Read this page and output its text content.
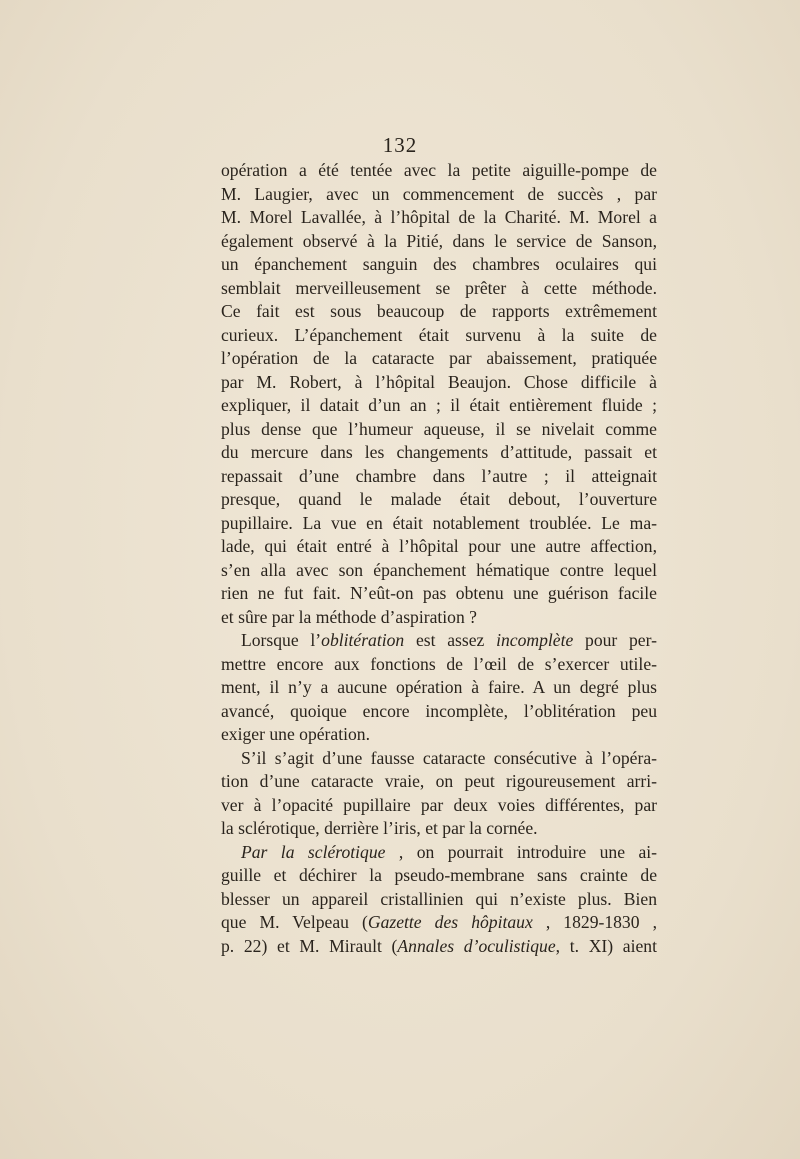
132
opération a été tentée avec la petite aiguille-pompe de
M. Laugier, avec un commencement de succès , par
M. Morel Lavallée, à l’hôpital de la Charité. M. Morel a
également observé à la Pitié, dans le service de Sanson,
un épanchement sanguin des chambres oculaires qui
semblait merveilleusement se prêter à cette méthode.
Ce fait est sous beaucoup de rapports extrêmement
curieux. L’épanchement était survenu à la suite de
l’opération de la cataracte par abaissement, pratiquée
par M. Robert, à l’hôpital Beaujon. Chose difficile à
expliquer, il datait d’un an ; il était entièrement fluide ;
plus dense que l’humeur aqueuse, il se nivelait comme
du mercure dans les changements d’attitude, passait et
repassait d’une chambre dans l’autre ; il atteignait
presque, quand le malade était debout, l’ouverture
pupillaire. La vue en était notablement troublée. Le ma-
lade, qui était entré à l’hôpital pour une autre affection,
s’en alla avec son épanchement hématique contre lequel
rien ne fut fait. N’eût-on pas obtenu une guérison facile
et sûre par la méthode d’aspiration ?
Lorsque l’oblitération est assez incomplète pour per-
mettre encore aux fonctions de l’œil de s’exercer utile-
ment, il n’y a aucune opération à faire. A un degré plus
avancé, quoique encore incomplète, l’oblitération peu
exiger une opération.
S’il s’agit d’une fausse cataracte consécutive à l’opéra-
tion d’une cataracte vraie, on peut rigoureusement arri-
ver à l’opacité pupillaire par deux voies différentes, par
la sclérotique, derrière l’iris, et par la cornée.
Par la sclérotique , on pourrait introduire une ai-
guille et déchirer la pseudo-membrane sans crainte de
blesser un appareil cristallinien qui n’existe plus. Bien
que M. Velpeau (Gazette des hôpitaux , 1829-1830 ,
p. 22) et M. Mirault (Annales d’oculistique, t. XI) aient
